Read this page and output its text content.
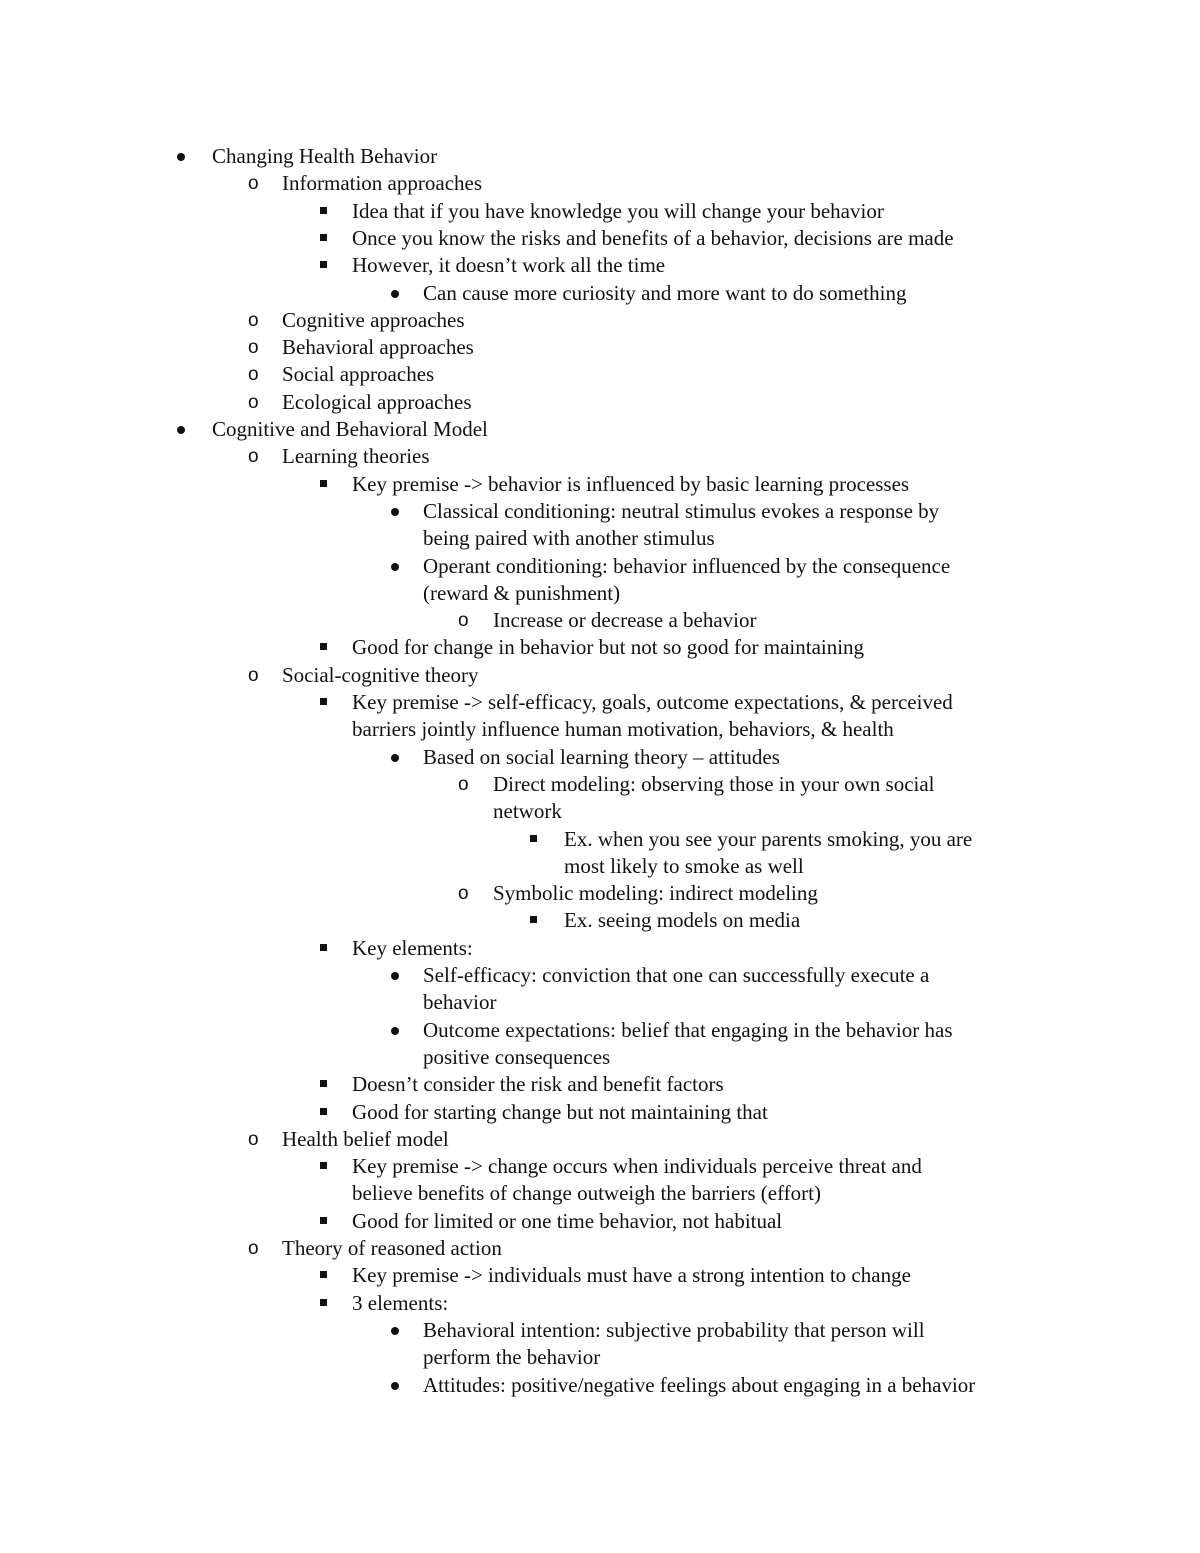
Changing Health Behavior
o
Information approaches
Idea that if you have knowledge you will change your behavior
Once you know the risks and benefits of a behavior, decisions are made
However, it doesn’t work all the time
Can cause more curiosity and more want to do something
o
Cognitive approaches
o
Behavioral approaches
o
Social approaches
o
Ecological approaches
Cognitive and Behavioral Model
o
Learning theories
Key premise -> behavior is influenced by basic learning processes
Classical conditioning: neutral stimulus evokes a response by
being paired with another stimulus
Operant conditioning: behavior influenced by the consequence
(reward & punishment)
o
Increase or decrease a behavior
Good for change in behavior but not so good for maintaining
o
Social-cognitive theory
Key premise -> self-efficacy, goals, outcome expectations, & perceived
barriers jointly influence human motivation, behaviors, & health
Based on social learning theory – attitudes
o
Direct modeling: observing those in your own social
network
Ex. when you see your parents smoking, you are
most likely to smoke as well
o
Symbolic modeling: indirect modeling
Ex. seeing models on media
Key elements:
Self-efficacy: conviction that one can successfully execute a
behavior
Outcome expectations: belief that engaging in the behavior has
positive consequences
Doesn’t consider the risk and benefit factors
Good for starting change but not maintaining that
o
Health belief model
Key premise -> change occurs when individuals perceive threat and
believe benefits of change outweigh the barriers (effort)
Good for limited or one time behavior, not habitual
o
Theory of reasoned action
Key premise -> individuals must have a strong intention to change
3 elements:
Behavioral intention: subjective probability that person will
perform the behavior
Attitudes: positive/negative feelings about engaging in a behavior
